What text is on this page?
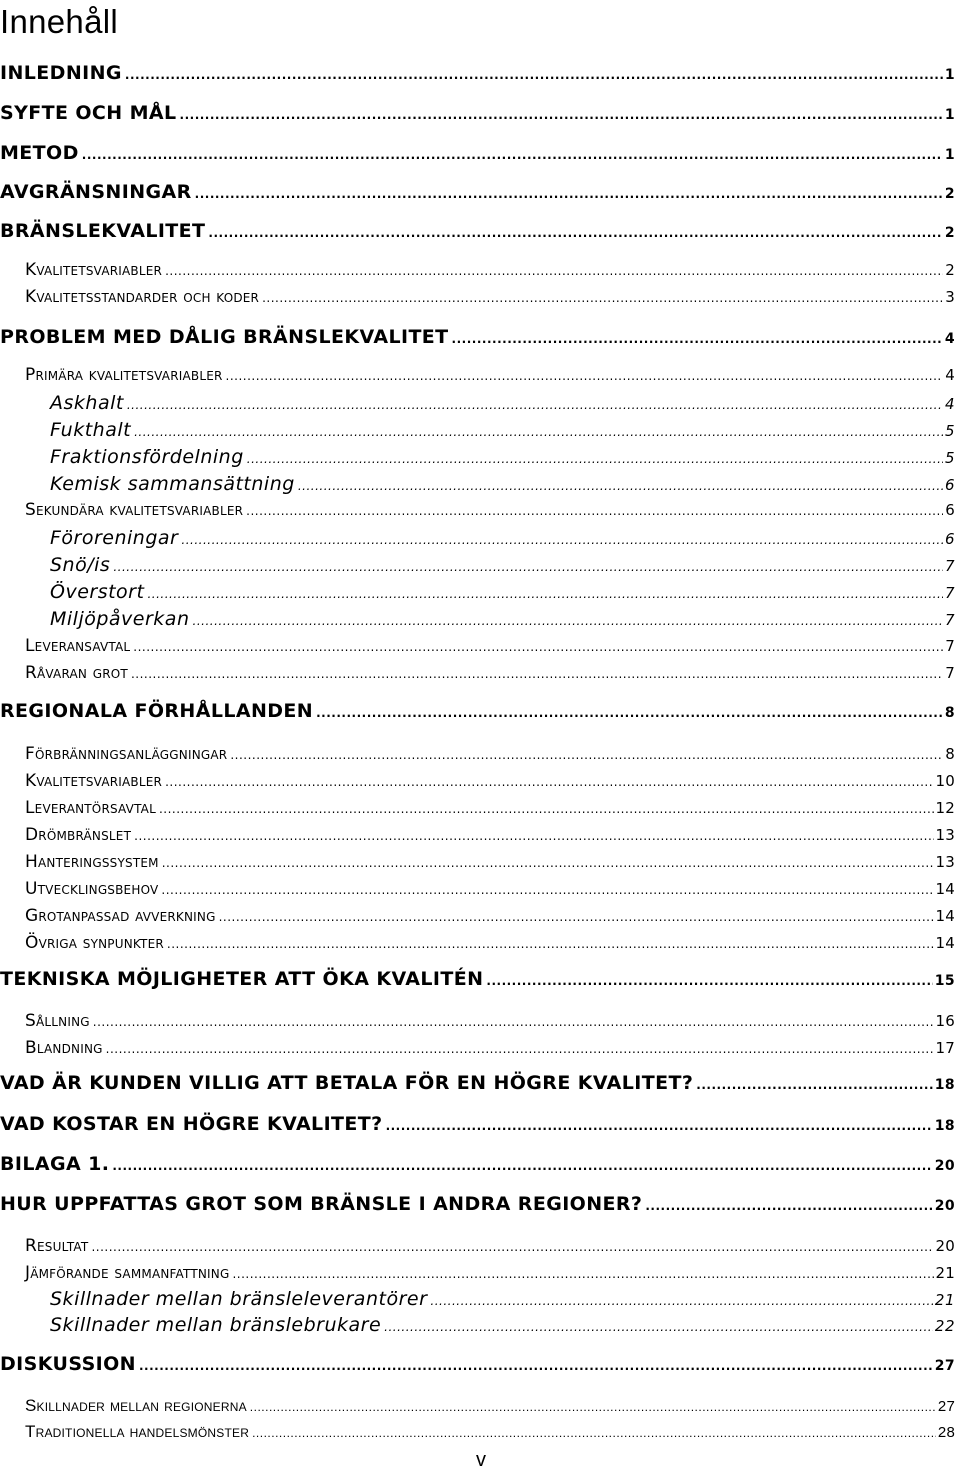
Innehåll
INLEDNING .....	1
SYFTE OCH MÅL .....	1
METOD .....	1
AVGRÄNSNINGAR .....	2
BRÄNSLEKVALITET .....	2
Kvalitetsvariabler .....	2
Kvalitetsstandarder och koder .....	3
PROBLEM MED DÅLIG BRÄNSLEKVALITET .....	4
Primära kvalitetsvariabler .....	4
Askhalt .....	4
Fukthalt .....	5
Fraktionsfördelning .....	5
Kemisk sammansättning .....	6
Sekundära kvalitetsvariabler .....	6
Föroreningar .....	6
Snö/is .....	7
Överstort .....	7
Miljöpåverkan .....	7
Leveransavtal .....	7
Råvaran grot .....	7
REGIONALA FÖRHÅLLANDEN .....	8
Förbränningsanläggningar .....	8
Kvalitetsvariabler .....	10
Leverantörsavtal .....	12
Drömbränslet .....	13
Hanteringssystem .....	13
Utvecklingsbehov .....	14
Grotanpassad avverkning .....	14
Övriga synpunkter .....	14
TEKNISKA MÖJLIGHETER ATT ÖKA KVALITÉN .....	15
Sållning .....	16
Blandning .....	17
VAD ÄR KUNDEN VILLIG ATT BETALA FÖR EN HÖGRE KVALITET? .....	18
VAD KOSTAR EN HÖGRE KVALITET? .....	18
BILAGA 1. .....	20
HUR UPPFATTAS GROT SOM BRÄNSLE I ANDRA REGIONER? .....	20
Resultat .....	20
Jämförande sammanfattning .....	21
Skillnader mellan bränsleleverantörer .....	21
Skillnader mellan bränslebrukare .....	22
DISKUSSION .....	27
Skillnader mellan regionerna .....	27
Traditionella handelsmönster .....	28
v
